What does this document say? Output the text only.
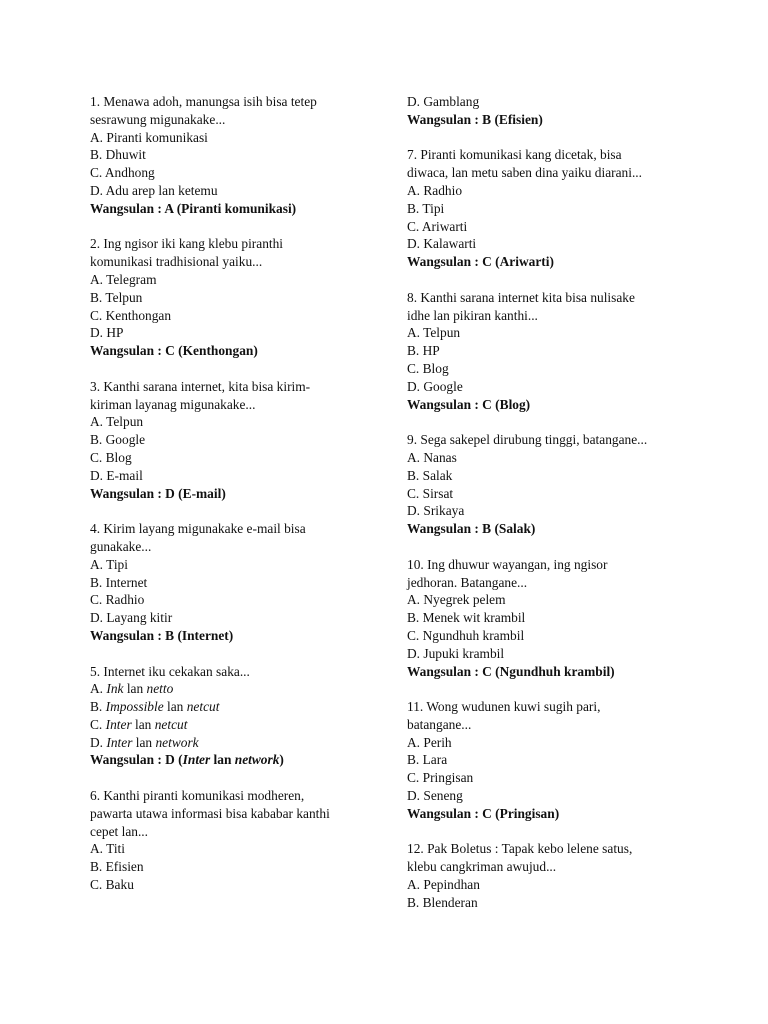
1. Menawa adoh, manungsa isih bisa tetep
sesrawung migunakake...
A. Piranti komunikasi
B. Dhuwit
C. Andhong
D. Adu arep lan ketemu
Wangsulan : A (Piranti komunikasi)
2. Ing ngisor iki kang klebu piranthi
komunikasi tradhisional yaiku...
A. Telegram
B. Telpun
C. Kenthongan
D. HP
Wangsulan : C (Kenthongan)
3. Kanthi sarana internet, kita bisa kirim-
kiriman layanag migunakake...
A. Telpun
B. Google
C. Blog
D. E-mail
Wangsulan : D (E-mail)
4. Kirim layang migunakake e-mail bisa
gunakake...
A. Tipi
B. Internet
C. Radhio
D. Layang kitir
Wangsulan : B (Internet)
5. Internet iku cekakan saka...
A. Ink lan netto
B. Impossible lan netcut
C. Inter lan netcut
D. Inter lan network
Wangsulan : D (Inter lan network)
6. Kanthi piranti komunikasi modheren,
pawarta utawa informasi bisa kababar kanthi
cepet lan...
A. Titi
B. Efisien
C. Baku
D. Gamblang
Wangsulan : B (Efisien)
7. Piranti komunikasi kang dicetak, bisa
diwaca, lan metu saben dina yaiku diarani...
A. Radhio
B. Tipi
C. Ariwarti
D. Kalawarti
Wangsulan : C (Ariwarti)
8. Kanthi sarana internet kita bisa nulisake
idhe lan pikiran kanthi...
A. Telpun
B. HP
C. Blog
D. Google
Wangsulan : C (Blog)
9. Sega sakepel dirubung tinggi, batangane...
A. Nanas
B. Salak
C. Sirsat
D. Srikaya
Wangsulan : B (Salak)
10. Ing dhuwur wayangan, ing ngisor
jedhoran. Batangane...
A. Nyegrek pelem
B. Menek wit krambil
C. Ngundhuh krambil
D. Jupuki krambil
Wangsulan : C (Ngundhuh krambil)
11. Wong wudunen kuwi sugih pari,
batangane...
A. Perih
B. Lara
C. Pringisan
D. Seneng
Wangsulan : C (Pringisan)
12. Pak Boletus : Tapak kebo lelene satus,
klebu cangkriman awujud...
A. Pepindhan
B. Blenderan
